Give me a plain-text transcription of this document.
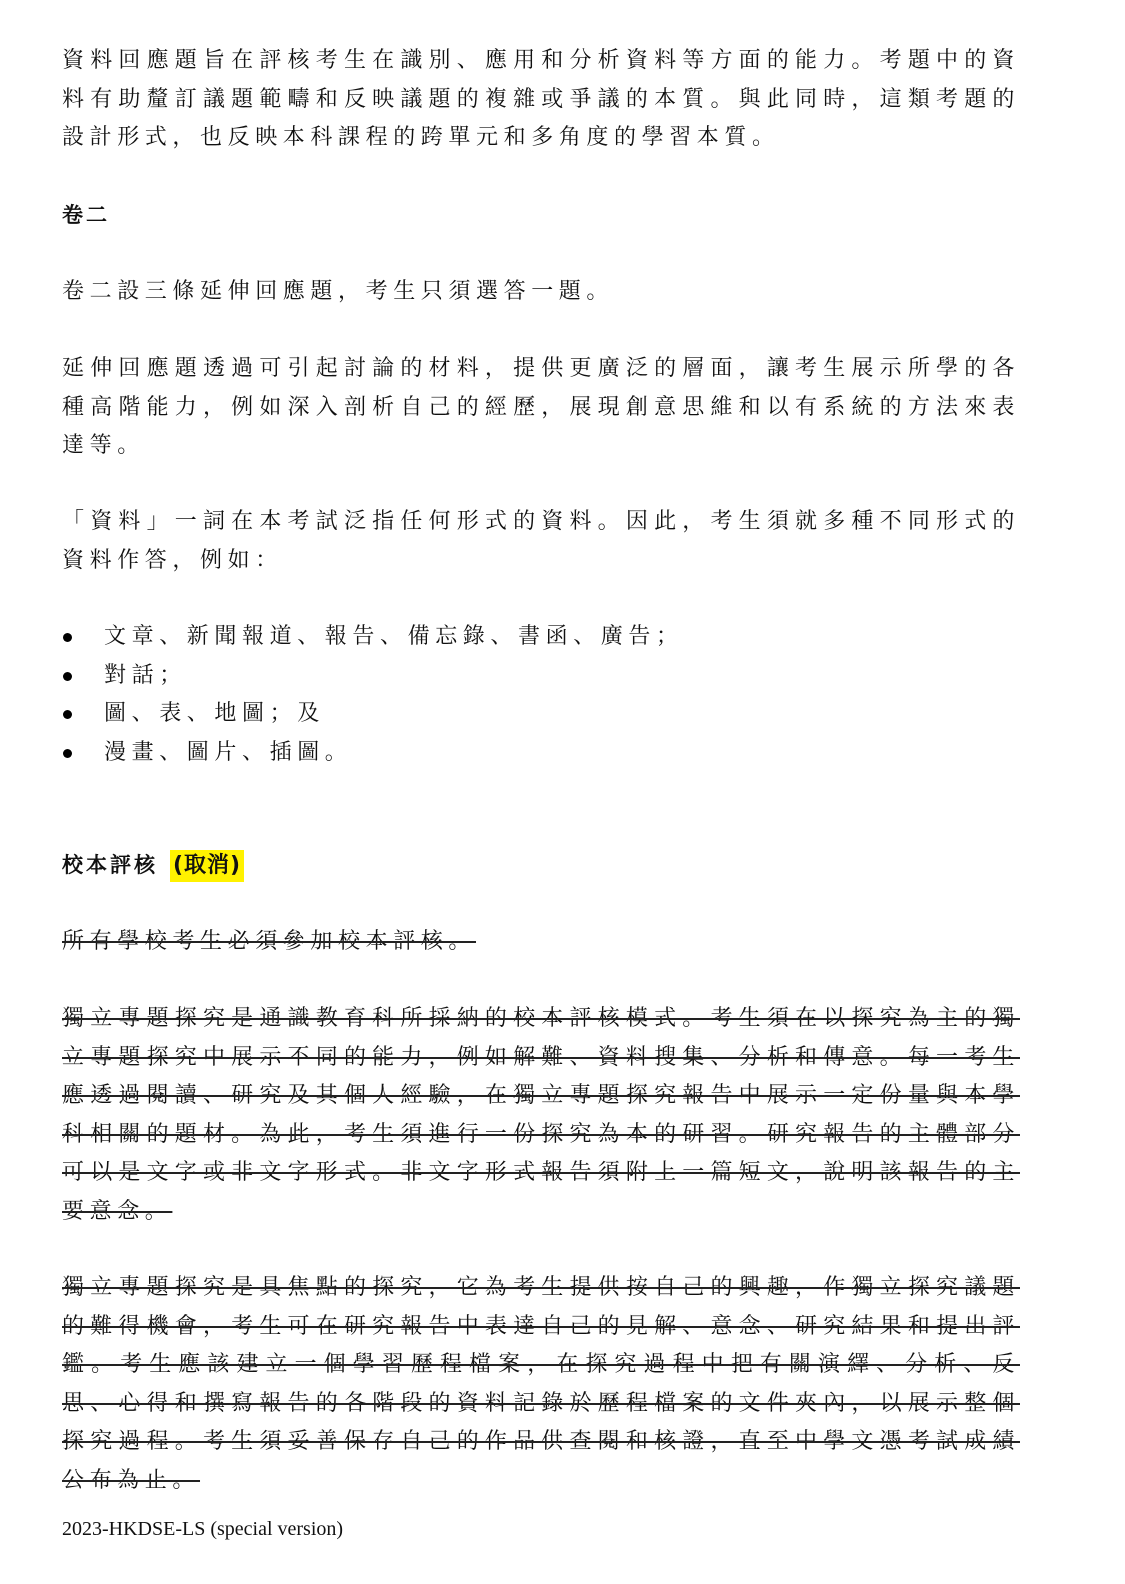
資料回應題旨在評核考生在識別、應用和分析資料等方面的能力。考題中的資料有助釐訂議題範疇和反映議題的複雜或爭議的本質。與此同時，這類考題的設計形式，也反映本科課程的跨單元和多角度的學習本質。

卷二

卷二設三條延伸回應題，考生只須選答一題。

延伸回應題透過可引起討論的材料，提供更廣泛的層面，讓考生展示所學的各種高階能力，例如深入剖析自己的經歷，展現創意思維和以有系統的方法來表達等。

「資料」一詞在本考試泛指任何形式的資料。因此，考生須就多種不同形式的資料作答，例如：

文章、新聞報道、報告、備忘錄、書函、廣告；
對話；
圖、表、地圖；及
漫畫、圖片、插圖。
校本評核 (取消)

所有學校考生必須參加校本評核。

獨立專題探究是通識教育科所採納的校本評核模式。考生須在以探究為主的獨立專題探究中展示不同的能力，例如解難、資料搜集、分析和傳意。每一考生應透過閱讀、研究及其個人經驗，在獨立專題探究報告中展示一定份量與本學科相關的題材。為此，考生須進行一份探究為本的研習。研究報告的主體部分可以是文字或非文字形式。非文字形式報告須附上一篇短文，說明該報告的主要意念。

獨立專題探究是具焦點的探究，它為考生提供按自己的興趣，作獨立探究議題的難得機會，考生可在研究報告中表達自己的見解、意念、研究結果和提出評鑑。考生應該建立一個學習歷程檔案，在探究過程中把有關演繹、分析、反思、心得和撰寫報告的各階段的資料記錄於歷程檔案的文件夾內，以展示整個探究過程。考生須妥善保存自己的作品供查閱和核證，直至中學文憑考試成績公布為止。

2023-HKDSE-LS (special version)
